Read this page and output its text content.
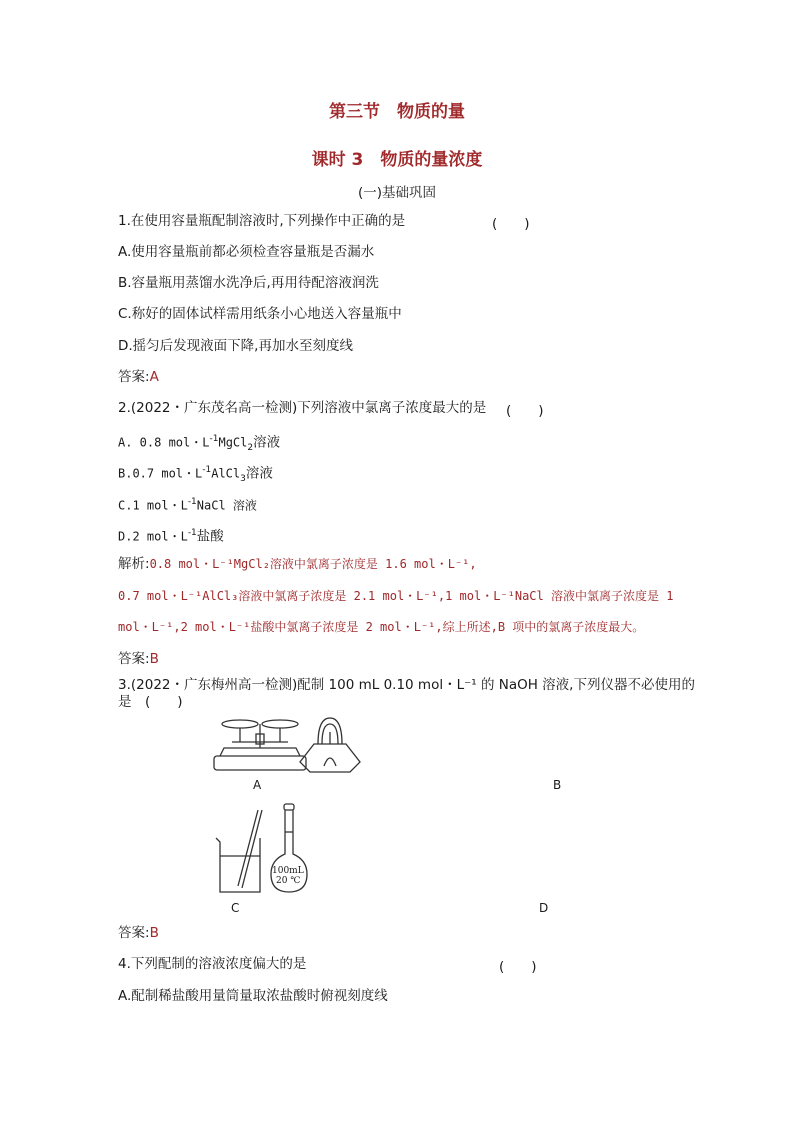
第三节　物质的量
课时 3　物质的量浓度
(一)基础巩固
1.在使用容量瓶配制溶液时,下列操作中正确的是	(　　)
A.使用容量瓶前都必须检查容量瓶是否漏水
B.容量瓶用蒸馏水洗净后,再用待配溶液润洗
C.称好的固体试样需用纸条小心地送入容量瓶中
D.摇匀后发现液面下降,再加水至刻度线
答案:A
2.(2022・广东茂名高一检测)下列溶液中氯离子浓度最大的是 (　　)
A. 0.8 mol・$L^{-1}MgCl_2$溶液
B.0.7 mol・$L^{-1}AlCl_3$溶液
C.1 mol・$L^{-1}NaCl$ 溶液
D.2 mol・$L^{-1}$盐酸
解析:0.8 mol・L⁻¹MgCl₂溶液中氯离子浓度是 1.6 mol・L⁻¹,
0.7 mol・L⁻¹AlCl₃溶液中氯离子浓度是 2.1 mol・L⁻¹,1 mol・L⁻¹NaCl 溶液中氯离子浓度是 1
mol・L⁻¹,2 mol・L⁻¹盐酸中氯离子浓度是 2 mol・L⁻¹,综上所述,B 项中的氯离子浓度最大。
答案:B
3.(2022・广东梅州高一检测)配制 100 mL 0.10 mol・L⁻¹ 的 NaOH 溶液,下列仪器不必使用的
是　(　　)
A	B
100mL
20 ℃
C	D
答案:B
4.下列配制的溶液浓度偏大的是	(　　)
A.配制稀盐酸用量筒量取浓盐酸时俯视刻度线
